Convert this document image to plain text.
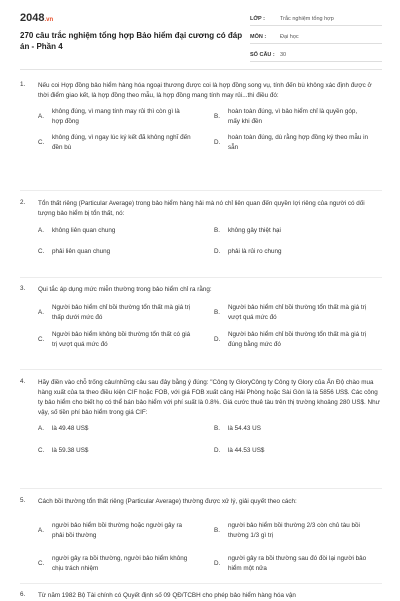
2048.vn
270 câu trắc nghiệm tổng hợp Bảo hiểm đại cương có đáp án - Phần 4
LỚP :	Trắc nghiệm tổng hợp
MÔN :	Đại học
SỐ CÂU : 30
1. Nếu coi Hợp đồng bảo hiểm hàng hóa ngoại thương được coi là hợp đồng song vụ, tính đến bù không xác định được ở thời điểm giao kết, là hợp đồng theo mẫu, là hợp đồng mang tính may rủi...thì điều đó:
A.
không đúng, vì mang tính may rủi thì còn gì là hợp đồng
B.
hoàn toàn đúng, vì bảo hiểm chỉ là quyền góp, mấy khi đền
C.
không đúng, vì ngay lúc ký kết đã không nghĩ đến đền bù
D.
hoàn toàn đúng, dù rằng hợp đồng ký theo mẫu in sẵn
2. Tổn thất riêng (Particular Average) trong bảo hiểm hàng hải mà nó chỉ liên quan đến quyền lợi riêng của người có dối tượng bảo hiểm bị tổn thất, nó:
A.	không liên quan chung	B.	không gây thiệt hại
C.	phải liên quan chung	D.	phải là rủi ro chung
3. Qui tắc áp dụng mức miễn thường trong bảo hiểm chỉ ra rằng:
A.
Người bảo hiểm chỉ bồi thường tổn thất mà giá trị thấp dưới mức đó
B.
Người bảo hiểm chỉ bồi thường tổn thất mà giá trị vượt quá mức đó
C.
Người bảo hiểm không bồi thường tổn thất có giá trị vượt quá mức đó
D.
Người bảo hiểm chỉ bồi thường tổn thất mà giá trị đúng bằng mức đó
4. Hãy điền vào chỗ trống câu/những câu sau đây bằng ý đúng: "Công ty GloryCông ty Công ty Glory của Ấn Độ chào mua hàng xuất của ta theo điều kiện CIF hoặc FOB, với giá FOB xuất cảng Hải Phòng hoặc Sài Gòn là là 5856 US$. Các công ty bảo hiểm cho biết họ có thể bán bảo hiểm với phí suất là 0.8%. Giá cước thuê tàu trên thị trường khoảng 280 US$. Như vậy, số tiền phí bảo hiểm trong giá CIF:
A.	là 49.48 US$	B.	là 54.43 US
C.	là 59.38 US$	D.	là 44.53 US$
5. Cách bồi thường tổn thất riêng (Particular Average) thường được xử lý, giải quyết theo cách:
A.
người bảo hiểm bồi thường hoặc người gây ra phải bồi thường
B.
người bảo hiểm bồi thường 2/3 còn chủ tàu bồi thường 1/3 gì trị
C.
người gây ra bồi thường, người bảo hiểm không chịu trách nhiệm
D.
người gây ra bồi thường sau đó đòi lại người bảo hiểm một nửa
6. Từ năm 1982 Bộ Tài chính có Quyết định số 09 QĐ/TCBH cho phép bảo hiểm hàng hóa vận
